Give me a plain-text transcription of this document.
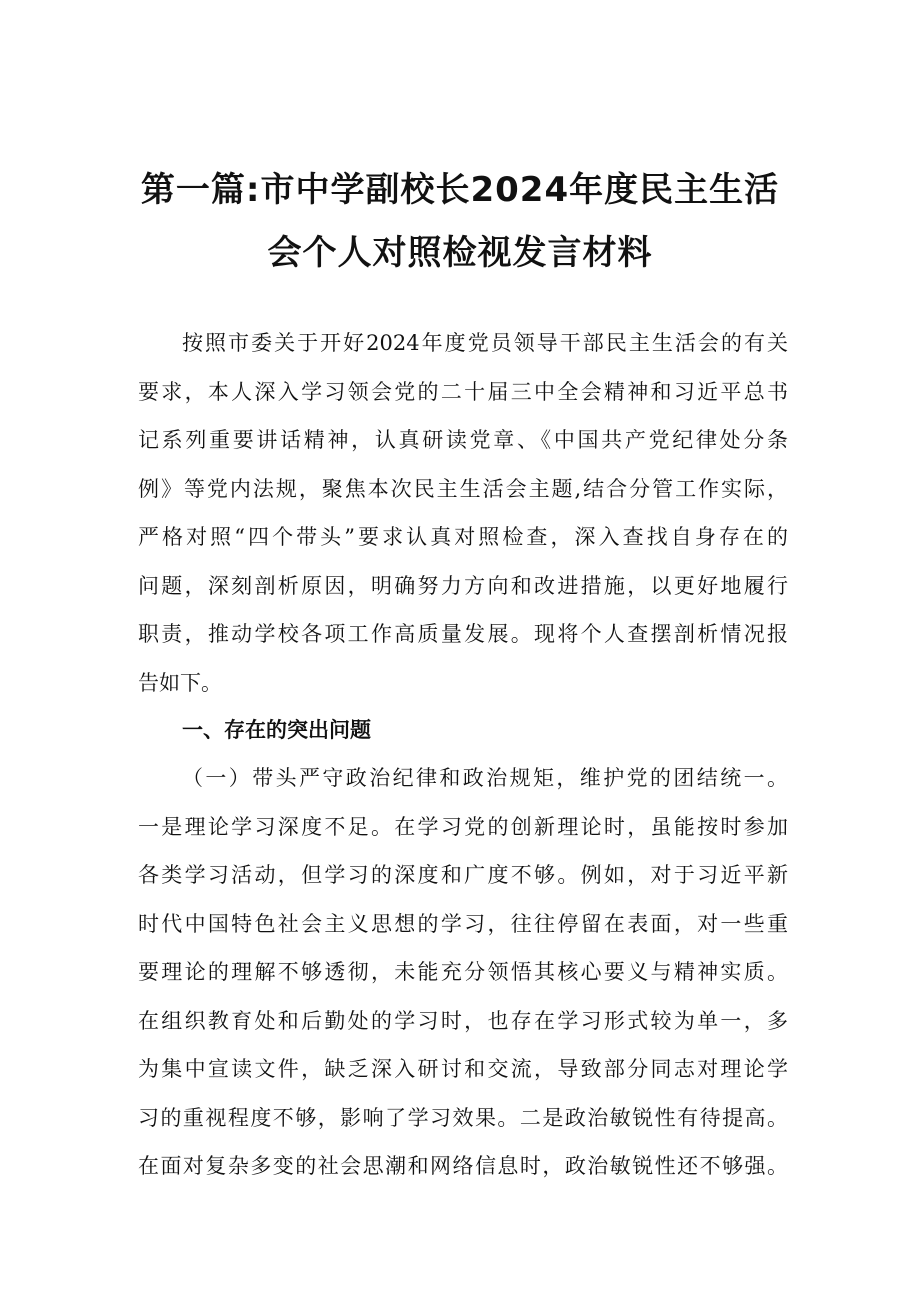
第一篇:市中学副校长2024年度民主生活
会个人对照检视发言材料
按照市委关于开好2024年度党员领导干部民主生活会的有关
要求，本人深入学习领会党的二十届三中全会精神和习近平总书
记系列重要讲话精神，认真研读党章、《中国共产党纪律处分条
例》等党内法规，聚焦本次民主生活会主题,结合分管工作实际，
严格对照“四个带头”要求认真对照检查，深入查找自身存在的
问题，深刻剖析原因，明确努力方向和改进措施，以更好地履行
职责，推动学校各项工作高质量发展。现将个人查摆剖析情况报
告如下。
一、存在的突出问题
（一）带头严守政治纪律和政治规矩，维护党的团结统一。
一是理论学习深度不足。在学习党的创新理论时，虽能按时参加
各类学习活动，但学习的深度和广度不够。例如，对于习近平新
时代中国特色社会主义思想的学习，往往停留在表面，对一些重
要理论的理解不够透彻，未能充分领悟其核心要义与精神实质。
在组织教育处和后勤处的学习时，也存在学习形式较为单一，多
为集中宣读文件，缺乏深入研讨和交流，导致部分同志对理论学
习的重视程度不够，影响了学习效果。二是政治敏锐性有待提高。
在面对复杂多变的社会思潮和网络信息时，政治敏锐性还不够强。
